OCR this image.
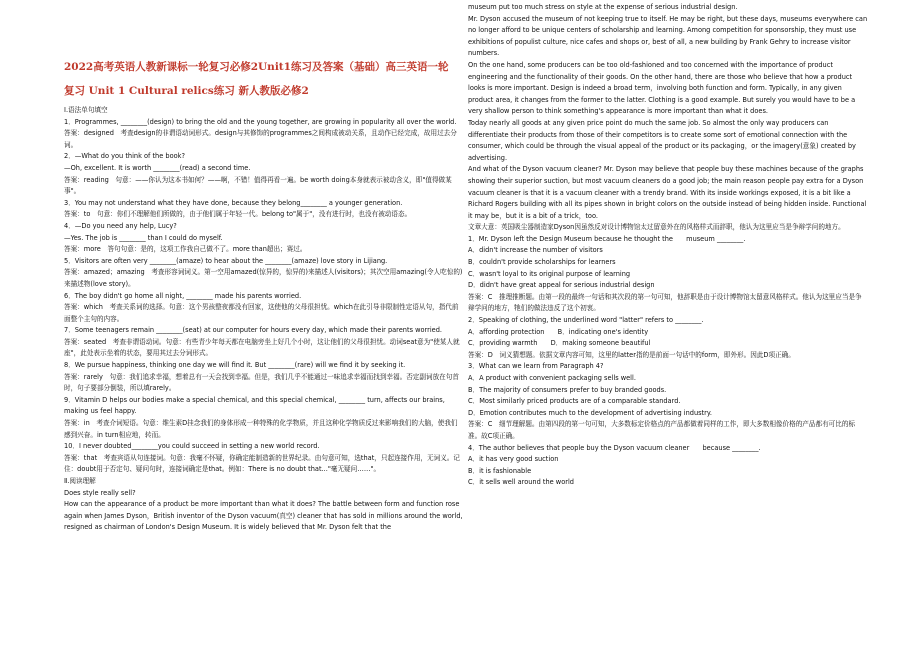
2022高考英语人教新课标一轮复习必修2Unit1练习及答案（基础）高三英语一轮

复习 Unit 1 Cultural relics练习 新人教版必修2

Ⅰ.语法单句填空

1．Programmes, ________(design) to bring the old and the young together, are growing in popularity all over the world.

答案：designed　考查design的非谓语动词形式。design与其修饰的programmes之间构成被动关系，且动作已经完成，故用过去分词。

2．—What do you think of the book?

—Oh, excellent. It is worth ________(read) a second time.

答案：reading　句意：——你认为这本书如何？——啊，不错！值得再看一遍。be worth doing本身就表示被动含义，即"值得做某事"。

3．You may not understand what they have done, because they belong________ a younger generation.

答案：to　句意：你们不理解他们所做的，由于他们属于年轻一代。belong to"属于"，没有进行时，也没有被动语态。

4．—Do you need any help, Lucy?

—Yes. The job is ________ than I could do myself.

答案：more　答句句意：是的，这项工作我自己做不了。more than超出；赛过。

5．Visitors are often very ________(amaze) to hear about the ________(amaze) love story in Lijiang.

答案：amazed；amazing　考查形容词词义。第一空用amazed(惊异的，惊异的)来描述人(visitors)；其次空用amazing(令人吃惊的)来描述物(love story)。

6．The boy didn't go home all night, ________ made his parents worried.

答案：which　考查关系词的选择。句意：这个男孩整夜都没有回家，这使他的父母很担忧。which在此引导非限制性定语从句，指代前面整个主句的内容。

7．Some teenagers remain ________(seat) at our computer for hours every day, which made their parents worried.

答案：seated　考查非谓语动词。句意：有些青少年每天都在电脑旁坐上好几个小时，这让他们的父母很担忧。动词seat意为"使某人就座"，此处表示坐着的状态，要用其过去分词形式。

8．We pursue happiness, thinking one day we will find it. But ________(rare) will we find it by seeking it.

答案：rarely　句意：我们追求幸福，想着总有一天会找到幸福。但是，我们几乎不能通过一味追求幸福而找到幸福。否定副词放在句首时，句子要部分倒装，所以填rarely。

9．Vitamin D helps our bodies make a special chemical, and this special chemical, ________ turn, affects our brains, making us feel happy.

答案：in　考查介词短语。句意：维生素D挂念我们的身体形成一种特殊的化学物质，并且这种化学物质反过来影响我们的大脑，使我们感到兴奋。in turn相应地，转而。

10．I never doubted________you could succeed in setting a new world record.

答案：that　考查宾语从句连接词。句意：我毫不怀疑，你确定能制造新的世界纪录。由句意可知，选that，只起连接作用，无词义。记住：doubt用于否定句、疑问句时，连接词确定是that。例如：There is no doubt that..."毫无疑问……"。

Ⅱ.阅读理解

Does style really sell?

How can the appearance of a product be more important than what it does? The battle between form and function rose again when James Dyson，British inventor of the Dyson vacuum(真空) cleaner that has sold in millions around the world, resigned as chairman of London's Design Museum. It is widely believed that Mr. Dyson felt that the

museum put too much stress on style at the expense of serious industrial design.

Mr. Dyson accused the museum of not keeping true to itself. He may be right, but these days, museums everywhere can no longer afford to be unique centers of scholarship and learning. Among competition for sponsorship, they must use exhibitions of populist culture, nice cafes and shops or, best of all, a new building by Frank Gehry to increase visitor numbers.

On the one hand, some producers can be too old-fashioned and too concerned with the importance of product engineering and the functionality of their goods. On the other hand, there are those who believe that how a product looks is more important. Design is indeed a broad term，involving both function and form. Typically, in any given product area, it changes from the former to the latter. Clothing is a good example. But surely you would have to be a very shallow person to think something's appearance is more important than what it does.

Today nearly all goods at any given price point do much the same job. So almost the only way producers can differentiate their products from those of their competitors is to create some sort of emotional connection with the consumer, which could be through the visual appeal of the product or its packaging，or the imagery(意象) created by advertising.

And what of the Dyson vacuum cleaner? Mr. Dyson may believe that people buy these machines because of the graphs showing their superior suction, but most vacuum cleaners do a good job; the main reason people pay extra for a Dyson vacuum cleaner is that it is a vacuum cleaner with a trendy brand. With its inside workings exposed, it is a bit like a Richard Rogers building with all its pipes shown in bright colors on the outside instead of being hidden inside. Functional it may be，but it is a bit of a trick，too.

文章大意：英国吸尘器制造家Dyson因虽然反对设计博物馆太过留意外在的风格样式而辞职，他认为这里应当是争辩学问的地方。

1．Mr. Dyson left the Design Museum because he thought the　　museum ________.

A．didn't increase the number of visitors

B．couldn't provide scholarships for learners

C．wasn't loyal to its original purpose of learning

D．didn't have great appeal for serious industrial design

答案：C　推理推断题。由第一段的最终一句话和其次段的第一句可知，他辞职是由于设计博物馆太留意风格样式。他认为这里应当是争辩学问的地方，牠们的做法违反了这个初衷。

2．Speaking of clothing, the underlined word "latter" refers to ________.

A．affording protection　　B．indicating one's identity

C．providing warmth　　D．making someone beautiful

答案：D　词义猜想题。依据文章内容可知，这里的latter指的是前面一句话中的form，即外形。因此D项正确。

3．What can we learn from Paragraph 4?

A．A product with convenient packaging sells well.

B．The majority of consumers prefer to buy branded goods.

C．Most similarly priced products are of a comparable standard.

D．Emotion contributes much to the development of advertising industry.

答案：C　细节理解题。由第四段的第一句可知，大多数标定价格点的产品都做着同样的工作，即大多数相像价格的产品都有可比的标准。故C项正确。

4．The author believes that people buy the Dyson vacuum cleaner　　because ________.

A．it has very good suction

B．it is fashionable

C．it sells well around the world
